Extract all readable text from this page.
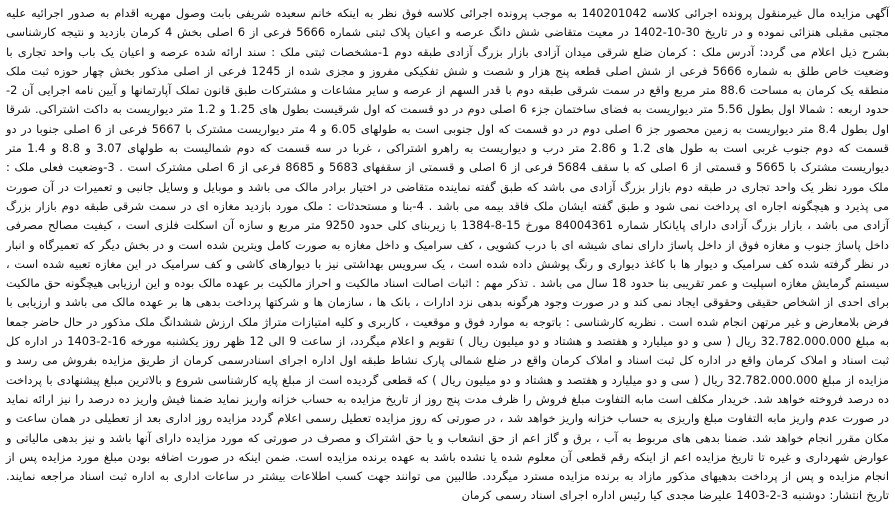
آگهی مزایده مال غیرمنقول پرونده اجرائی کلاسه 140201042 به موجب پرونده اجرائی کلاسه فوق نظر به اینکه خانم سعیده شریفی بابت وصول مهریه اقدام به صدور اجرائیه علیه مجتبی مقبلی هنزائی نموده و در تاریخ 30-10-1402 در معیت متقاضی شش دانگ عرصه و اعیان پلاک ثبتی شماره 5666 فرعی از 6 اصلی بخش 4 کرمان بازدید و نتیجه کارشناسی بشرح ذیل اعلام می گردد: آدرس ملک : کرمان ضلع شرقی میدان آزادی بازار بزرگ آزادی طبقه دوم 1-مشخصات ثبتی ملک : سند ارائه شده عرصه و اعیان یک باب واحد تجاری با وضعیت خاص طلق به شماره 5666 فرعی از شش اصلی قطعه پنج هزار و شصت و شش تفکیکی مفروز و مجزی شده از 1245 فرعی از اصلی مذکور بخش چهار حوزه ثبت ملک منطقه یک کرمان به مساحت 88.6 متر مربع واقع در سمت شرقی طبقه دوم با قدر السهم از عرصه و سایر مشاعات و مشترکات طبق قانون تملک آپارتمانها و آیین نامه اجرایی آن 2-حدود اربعه : شمالا اول بطول 5.56 متر دیواریست به فضای ساختمان جزء 6 اصلی دوم در دو قسمت که اول شرقیست بطول های 1.25 و 1.2 متر دیواریست به داکت اشتراکی. شرقا اول بطول 8.4 متر دیواریست به زمین محصور جز 6 اصلی دوم در دو قسمت که اول جنوبی است به طولهای 6.05 و 4 متر دیواریست مشترک با 5667 فرعی از 6 اصلی جنوبا در دو قسمت که دوم جنوب غربی است به طول های 1.2 و 2.86 متر درب و دیواریست به راهرو اشتراکی ، غربا در سه قسمت که دوم شمالیست به طولهای 3.07 و 8.8 و 1.4 متر دیواریست مشترک با 5665 و قسمتی از 6 اصلی که با سقف 5684 فرعی از 6 اصلی و قسمتی از سقفهای 5683 و 8685 فرعی از 6 اصلی مشترک است . 3-وضعیت فعلی ملک : ملک مورد نظر یک واحد تجاری در طبقه دوم بازار بزرگ آزادی می باشد که طبق گفته نماینده متقاضی در اختیار برادر مالک می باشد و موبایل و وسایل جانبی و تعمیرات در آن صورت می پذیرد و هیچگونه اجاره ای پرداخت نمی شود و طبق گفته ایشان ملک فاقد بیمه می باشد . 4-بنا و مستحدثات : ملک مورد بازدید مغازه ای در سمت شرقی طبقه دوم بازار بزرگ آزادی می باشد ، بازار بزرگ آزادی دارای پایانکار شماره 84004361 مورخ 15-8-1384 با زیربنای کلی حدود 9250 متر مربع و سازه آن اسکلت فلزی است ، کیفیت مصالح مصرفی داخل پاساژ جنوب و مغازه فوق از داخل پاساژ دارای نمای شیشه ای با درب کشویی ، کف سرامیک و داخل مغازه به صورت کامل ویترین شده است و در بخش دیگر که تعمیرگاه و انبار در نظر گرفته شده کف سرامیک و دیوار ها با کاغذ دیواری و رنگ پوشش داده شده است ، یک سرویس بهداشتی نیز با دیوارهای کاشی و کف سرامیک در این مغازه تعبیه شده است ، سیستم گرمایش مغازه اسپلیت و عمر تقریبی بنا حدود 18 سال می باشد . تذکر مهم : اثبات اصالت اسناد مالکیت و احراز مالکیت بر عهده مالک بوده و این ارزیابی هیچگونه حق مالکیت برای احدی از اشخاص حقیقی وحقوقی ایجاد نمی کند و در صورت وجود هرگونه بدهی نزد ادارات ، بانک ها ، سازمان ها و شرکتها پرداخت بدهی ها بر عهده مالک می باشد و ارزیابی با فرض بلامعارض و غیر مرتهن انجام شده است . نظریه کارشناسی : باتوجه به موارد فوق و موقعیت ، کاربری و کلیه امتیازات متراژ ملک ارزش ششدانگ ملک مذکور در حال حاضر جمعا به مبلغ 32.782.000.000 ریال ( سی و دو میلیارد و هفتصد و هشتاد و دو میلیون ریال ) تقویم و اعلام میگردد، از ساعت 9 الی 12 ظهر روز یکشنبه مورخه 16-2-1403 در اداره کل ثبت اسناد و املاک کرمان واقع در اداره کل ثبت اسناد و املاک کرمان واقع در ضلع شمالی پارک نشاط طبقه اول اداره اجرای اسنادرسمی کرمان از طریق مزایده بفروش می رسد و مزایده از مبلغ 32.782.000.000 ریال ( سی و دو میلیارد و هفتصد و هشتاد و دو میلیون ریال ) که قطعی گردیده است از مبلغ پایه کارشناسی شروع و بالاترین مبلغ پیشنهادی با پرداخت ده درصد فروخته خواهد شد. خریدار مکلف است مابه التفاوت مبلغ فروش را ظرف مدت پنج روز از تاریخ مزایده به حساب خزانه واریز نماید ضمنا فیش واریز ده درصد را نیز ارائه نماید در صورت عدم واریز مابه التفاوت مبلغ واریزی به حساب خزانه واریز خواهد شد ، در صورتی که روز مزایده تعطیل رسمی اعلام گردد مزایده روز اداری بعد از تعطیلی در همان ساعت و مکان مقرر انجام خواهد شد. ضمنا بدهی های مربوط به آب ، برق و گاز اعم از حق انشعاب و یا حق اشتراک و مصرف در صورتی که مورد مزایده دارای آنها باشد و نیز بدهی مالیاتی و عوارض شهرداری و غیره تا تاریخ مزایده اعم از اینکه رقم قطعی آن معلوم شده یا نشده باشد به عهده برنده مزایده است. ضمن اینکه در صورت اضافه بودن مبلغ مورد مزایده پس از انجام مزایده و پس از پرداخت بدهیهای مذکور مازاد به برنده مزایده مسترد میگردد. طالبین می توانند جهت کسب اطلاعات بیشتر در ساعات اداری به اداره ثبت اسناد مراجعه نمایند. تاریخ انتشار: دوشنبه 3-2-1403 علیرضا مجدی کیا رئیس اداره اجرای اسناد رسمی کرمان
